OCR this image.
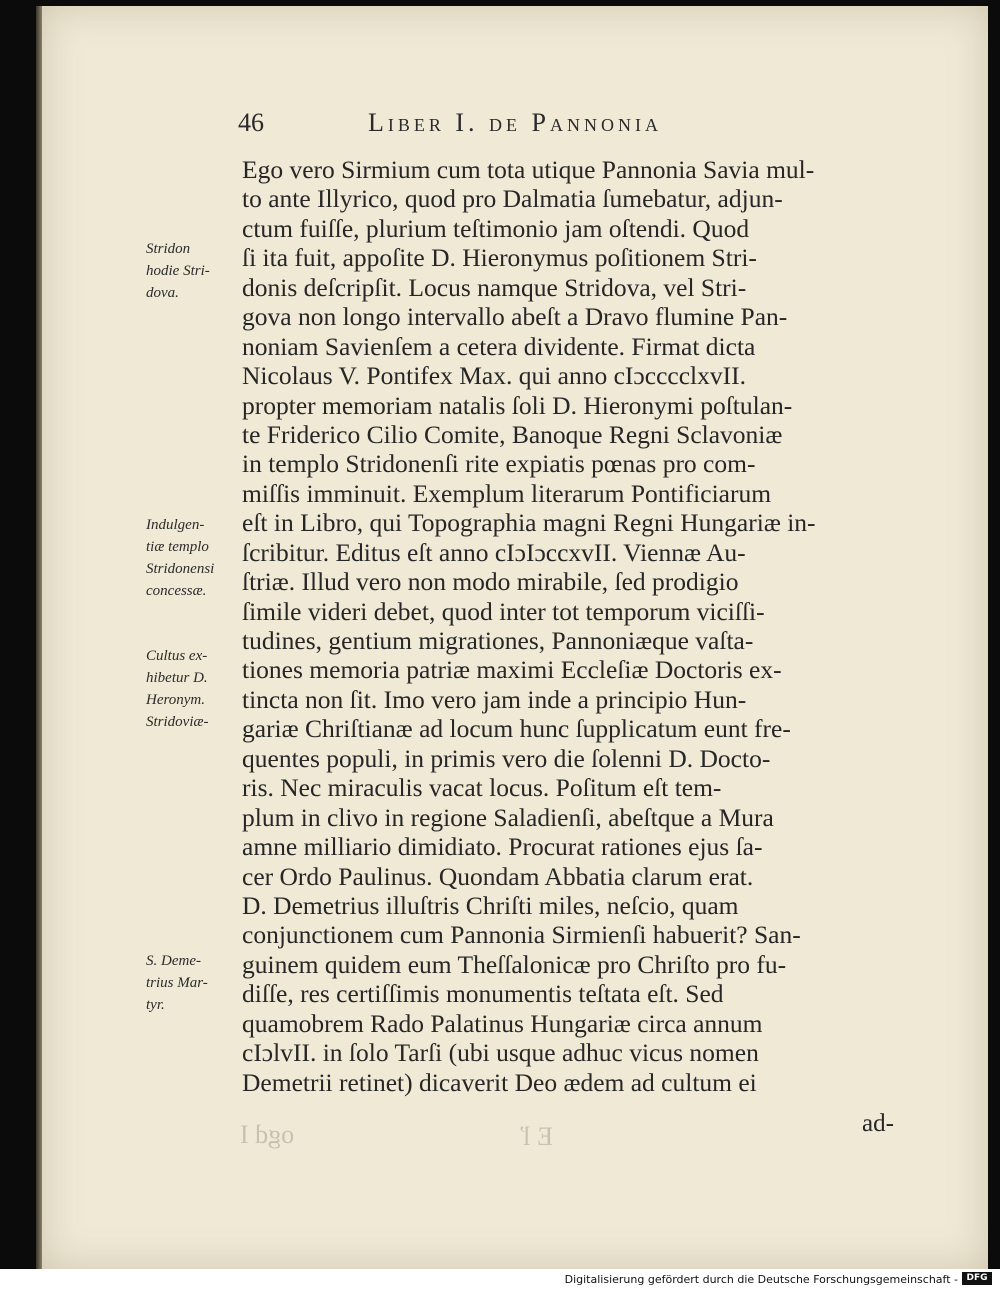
46	Liber I. de Pannonia
Stridon
hodie Stri-
dova.
Indulgen-
tiæ templo
Stridonensi
concessæ.
Cultus ex-
hibetur D.
Heronym.
Stridoviæ-
S. Deme-
trius Mar-
tyr.
Ego vero Sirmium cum tota utique Pannonia Savia mul-
to ante Illyrico, quod pro Dalmatia ſumebatur, adjun-
ctum fuiſſe, plurium teſtimonio jam oſtendi. Quod
ſi ita fuit, appoſite D. Hieronymus poſitionem Stri-
donis deſcripſit. Locus namque Stridova, vel Stri-
gova non longo intervallo abeſt a Dravo flumine Pan-
noniam Savienſem a cetera dividente. Firmat dicta
Nicolaus V. Pontifex Max. qui anno cIɔcccclxvII.
propter memoriam natalis ſoli D. Hieronymi poſtulan-
te Friderico Cilio Comite, Banoque Regni Sclavoniæ
in templo Stridonenſi rite expiatis pœnas pro com-
miſſis imminuit. Exemplum literarum Pontificiarum
eſt in Libro, qui Topographia magni Regni Hungariæ in-
ſcribitur. Editus eſt anno cIɔIɔccxvII. Viennæ Au-
ſtriæ. Illud vero non modo mirabile, ſed prodigio
ſimile videri debet, quod inter tot temporum viciſſi-
tudines, gentium migrationes, Pannoniæque vaſta-
tiones memoria patriæ maximi Eccleſiæ Doctoris ex-
tincta non ſit. Imo vero jam inde a principio Hun-
gariæ Chriſtianæ ad locum hunc ſupplicatum eunt fre-
quentes populi, in primis vero die ſolenni D. Docto-
ris. Nec miraculis vacat locus. Poſitum eſt tem-
plum in clivo in regione Saladienſi, abeſtque a Mura
amne milliario dimidiato. Procurat rationes ejus ſa-
cer Ordo Paulinus. Quondam Abbatia clarum erat.
D. Demetrius illuſtris Chriſti miles, neſcio, quam
conjunctionem cum Pannonia Sirmienſi habuerit? San-
guinem quidem eum Theſſalonicæ pro Chriſto pro fu-
diſſe, res certiſſimis monumentis teſtata eſt. Sed
quamobrem Rado Palatinus Hungariæ circa annum
cIɔlvII. in ſolo Tarſi (ubi usque adhuc vicus nomen
Demetrii retinet) dicaverit Deo ædem ad cultum ei
ogd I	E ľ	ad-
Digitalisierung gefördert durch die Deutsche Forschungsgemeinschaft - DFG
